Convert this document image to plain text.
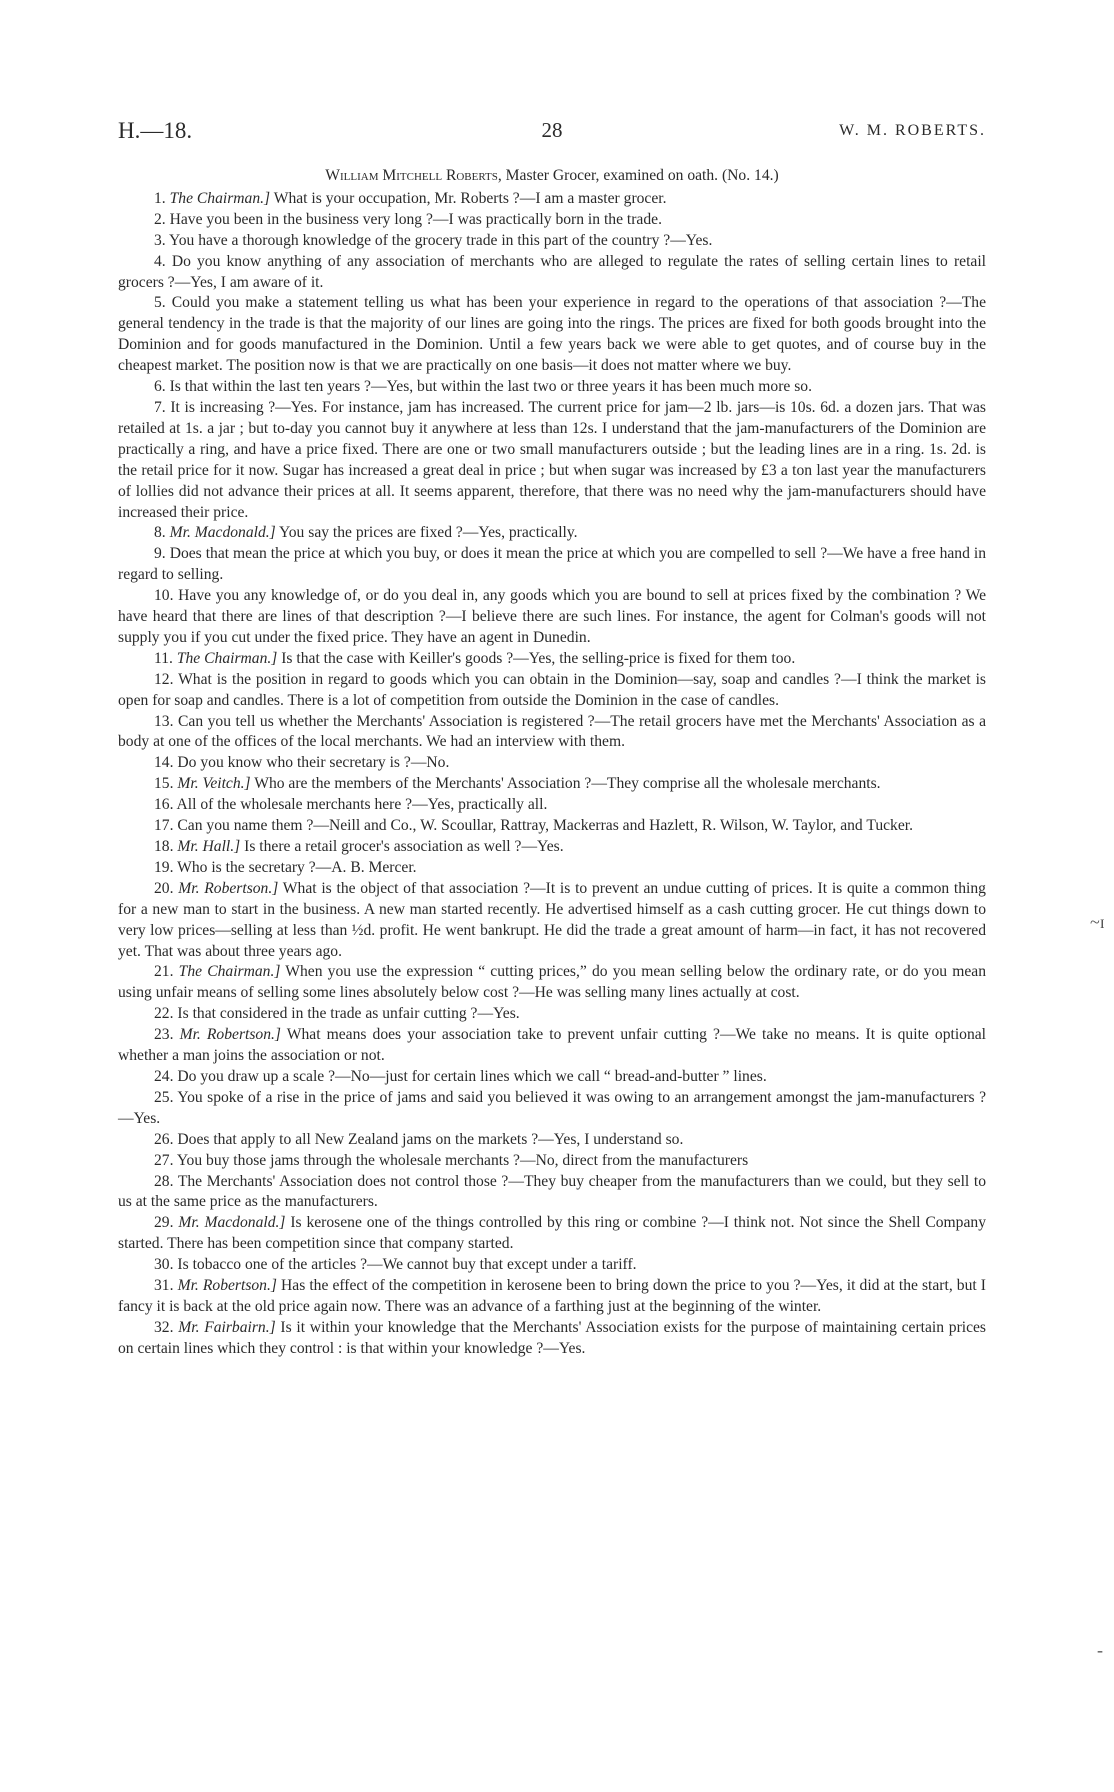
H.—18.	28	W. M. ROBERTS.

William Mitchell Roberts, Master Grocer, examined on oath. (No. 14.)

1. The Chairman.] What is your occupation, Mr. Roberts ?—I am a master grocer.

2. Have you been in the business very long ?—I was practically born in the trade.

3. You have a thorough knowledge of the grocery trade in this part of the country ?—Yes.

4. Do you know anything of any association of merchants who are alleged to regulate the rates of selling certain lines to retail grocers ?—Yes, I am aware of it.

5. Could you make a statement telling us what has been your experience in regard to the operations of that association ?—The general tendency in the trade is that the majority of our lines are going into the rings. The prices are fixed for both goods brought into the Dominion and for goods manufactured in the Dominion. Until a few years back we were able to get quotes, and of course buy in the cheapest market. The position now is that we are practically on one basis—it does not matter where we buy.

6. Is that within the last ten years ?—Yes, but within the last two or three years it has been much more so.

7. It is increasing ?—Yes. For instance, jam has increased. The current price for jam—2 lb. jars—is 10s. 6d. a dozen jars. That was retailed at 1s. a jar ; but to-day you cannot buy it anywhere at less than 12s. I understand that the jam-manufacturers of the Dominion are practically a ring, and have a price fixed. There are one or two small manufacturers outside ; but the leading lines are in a ring. 1s. 2d. is the retail price for it now. Sugar has increased a great deal in price ; but when sugar was increased by £3 a ton last year the manufacturers of lollies did not advance their prices at all. It seems apparent, therefore, that there was no need why the jam-manufacturers should have increased their price.

8. Mr. Macdonald.] You say the prices are fixed ?—Yes, practically.

9. Does that mean the price at which you buy, or does it mean the price at which you are compelled to sell ?—We have a free hand in regard to selling.

10. Have you any knowledge of, or do you deal in, any goods which you are bound to sell at prices fixed by the combination ? We have heard that there are lines of that description ?—I believe there are such lines. For instance, the agent for Colman's goods will not supply you if you cut under the fixed price. They have an agent in Dunedin.

11. The Chairman.] Is that the case with Keiller's goods ?—Yes, the selling-price is fixed for them too.

12. What is the position in regard to goods which you can obtain in the Dominion—say, soap and candles ?—I think the market is open for soap and candles. There is a lot of competition from outside the Dominion in the case of candles.

13. Can you tell us whether the Merchants' Association is registered ?—The retail grocers have met the Merchants' Association as a body at one of the offices of the local merchants. We had an interview with them.

14. Do you know who their secretary is ?—No.

15. Mr. Veitch.] Who are the members of the Merchants' Association ?—They comprise all the wholesale merchants.

16. All of the wholesale merchants here ?—Yes, practically all.

17. Can you name them ?—Neill and Co., W. Scoullar, Rattray, Mackerras and Hazlett, R. Wilson, W. Taylor, and Tucker.

18. Mr. Hall.] Is there a retail grocer's association as well ?—Yes.

19. Who is the secretary ?—A. B. Mercer.

20. Mr. Robertson.] What is the object of that association ?—It is to prevent an undue cutting of prices. It is quite a common thing for a new man to start in the business. A new man started recently. He advertised himself as a cash cutting grocer. He cut things down to very low prices—selling at less than ½d. profit. He went bankrupt. He did the trade a great amount of harm—in fact, it has not recovered yet. That was about three years ago.

21. The Chairman.] When you use the expression “ cutting prices,” do you mean selling below the ordinary rate, or do you mean using unfair means of selling some lines absolutely below cost ?—He was selling many lines actually at cost.

22. Is that considered in the trade as unfair cutting ?—Yes.

23. Mr. Robertson.] What means does your association take to prevent unfair cutting ?—We take no means. It is quite optional whether a man joins the association or not.

24. Do you draw up a scale ?—No—just for certain lines which we call “ bread-and-butter ” lines.

25. You spoke of a rise in the price of jams and said you believed it was owing to an arrangement amongst the jam-manufacturers ?—Yes.

26. Does that apply to all New Zealand jams on the markets ?—Yes, I understand so.

27. You buy those jams through the wholesale merchants ?—No, direct from the manufacturers

28. The Merchants' Association does not control those ?—They buy cheaper from the manufacturers than we could, but they sell to us at the same price as the manufacturers.

29. Mr. Macdonald.] Is kerosene one of the things controlled by this ring or combine ?—I think not. Not since the Shell Company started. There has been competition since that company started.

30. Is tobacco one of the articles ?—We cannot buy that except under a tariff.

31. Mr. Robertson.] Has the effect of the competition in kerosene been to bring down the price to you ?—Yes, it did at the start, but I fancy it is back at the old price again now. There was an advance of a farthing just at the beginning of the winter.

32. Mr. Fairbairn.] Is it within your knowledge that the Merchants' Association exists for the purpose of maintaining certain prices on certain lines which they control : is that within your knowledge ?—Yes.

~ɪ
-
